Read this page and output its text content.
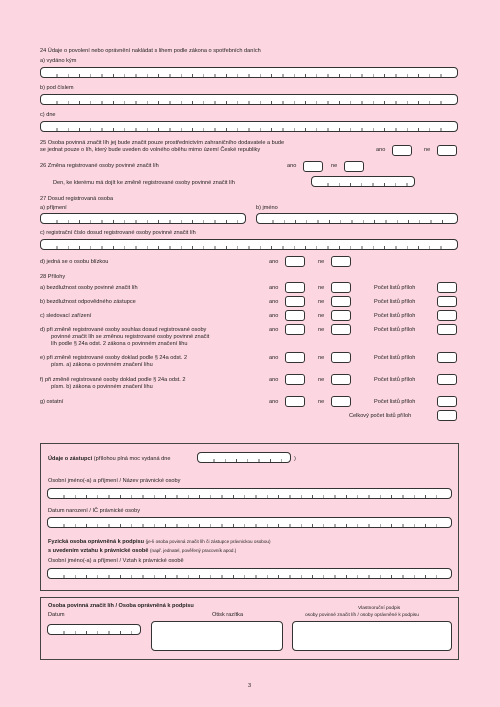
24 Údaje o povolení nebo oprávnění nakládat s lihem podle zákona o spotřebních daních
a) vydáno kým
b) pod číslem
c) dne
25 Osoba povinná značit líh jej bude značit pouze prostřednictvím zahraničního dodavatele a bude
se jednat pouze o líh, který bude uveden do volného oběhu mimo území České republiky	ano	ne
26 Změna registrované osoby povinné značit líh	ano	ne
Den, ke kterému má dojít ke změně registrované osoby povinné značit líh
27 Dosud registrovaná osoba
a) příjmení	b) jméno
c) registrační číslo dosud registrované osoby povinné značit líh
d) jedná se o osobu blízkou	ano	ne
28 Přílohy
a) bezdlužnost osoby povinné značit líh	ano	ne	Počet listů příloh
b) bezdlužnost odpovědného zástupce	ano	ne	Počet listů příloh
c) sledovací zařízení	ano	ne	Počet listů příloh
d) při změně registrované osoby souhlas dosud registrované osoby
povinné značit líh se změnou registrované osoby povinné značit
líh podle § 24a odst. 2 zákona o povinném značení lihu
ano	ne	Počet listů příloh
e) při změně registrované osoby doklad podle § 24a odst. 2
písm. a) zákona o povinném značení lihu
ano	ne	Počet listů příloh
f) při změně registrované osoby doklad podle § 24a odst. 2
písm. b) zákona o povinném značení lihu
ano	ne	Počet listů příloh
g) ostatní	ano	ne	Počet listů příloh
Celkový počet listů příloh
Údaje o zástupci (přílohou plná moc vydaná dne	)
Osobní jméno(-a) a příjmení / Název právnické osoby
Datum narození / IČ právnické osoby
Fyzická osoba oprávněná k podpisu (je-li osoba povinná značit líh či zástupce právnickou osobou)
s uvedením vztahu k právnické osobě (např. jednatel, pověřený pracovník apod.)
Osobní jméno(-a) a příjmení / Vztah k právnické osobě
Osoba povinná značit líh / Osoba oprávněná k podpisu
Datum	Otisk razítka
Vlastnoruční podpis
osoby povinné značit líh / osoby oprávněné k podpisu
3
